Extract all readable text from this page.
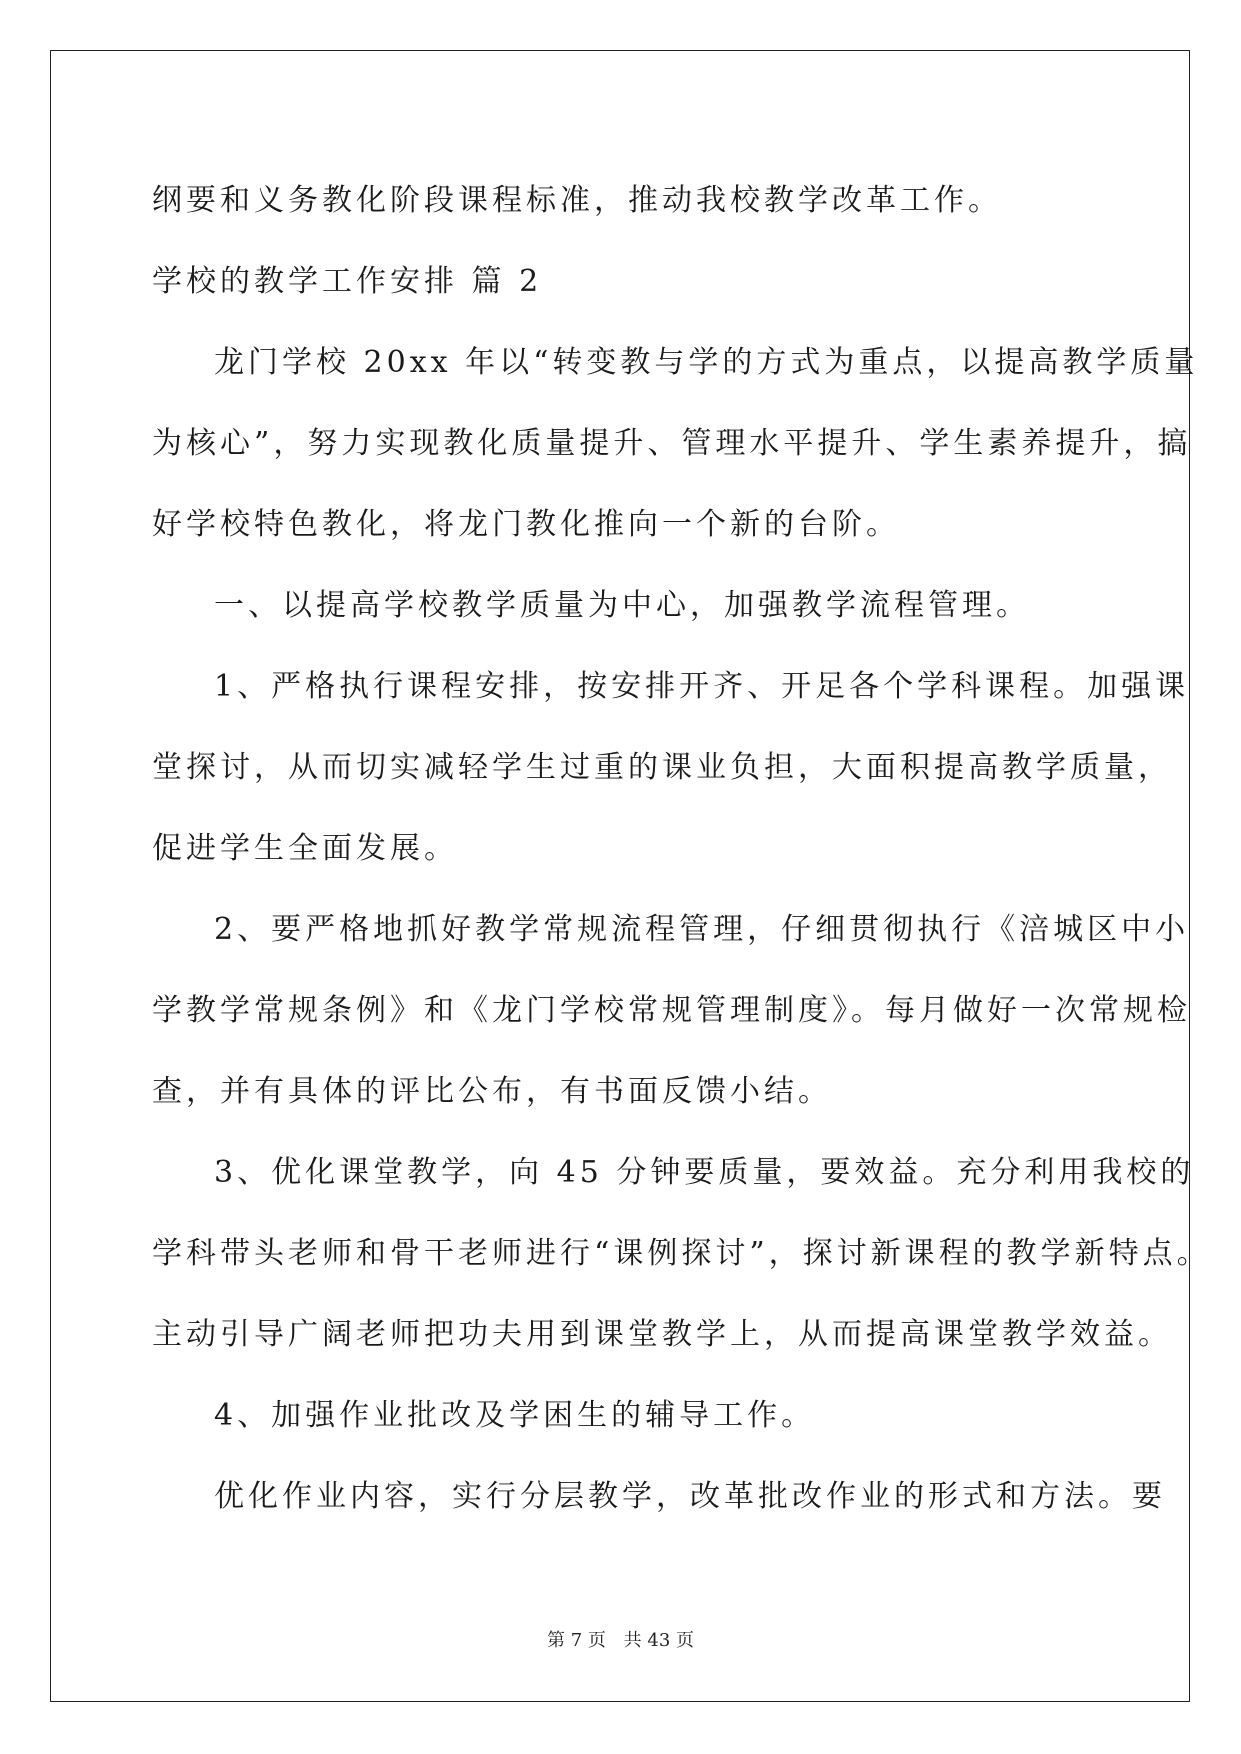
纲要和义务教化阶段课程标准，推动我校教学改革工作。

学校的教学工作安排 篇 2

龙门学校 20xx 年以“转变教与学的方式为重点，以提高教学质量

为核心”，努力实现教化质量提升、管理水平提升、学生素养提升，搞

好学校特色教化，将龙门教化推向一个新的台阶。

一、以提高学校教学质量为中心，加强教学流程管理。

1、严格执行课程安排，按安排开齐、开足各个学科课程。加强课

堂探讨，从而切实减轻学生过重的课业负担，大面积提高教学质量，

促进学生全面发展。

2、要严格地抓好教学常规流程管理，仔细贯彻执行《涪城区中小

学教学常规条例》和《龙门学校常规管理制度》。每月做好一次常规检

查，并有具体的评比公布，有书面反馈小结。

3、优化课堂教学，向 45 分钟要质量，要效益。充分利用我校的

学科带头老师和骨干老师进行“课例探讨”，探讨新课程的教学新特点。

主动引导广阔老师把功夫用到课堂教学上，从而提高课堂教学效益。

4、加强作业批改及学困生的辅导工作。

优化作业内容，实行分层教学，改革批改作业的形式和方法。要

第 7 页 共 43 页
